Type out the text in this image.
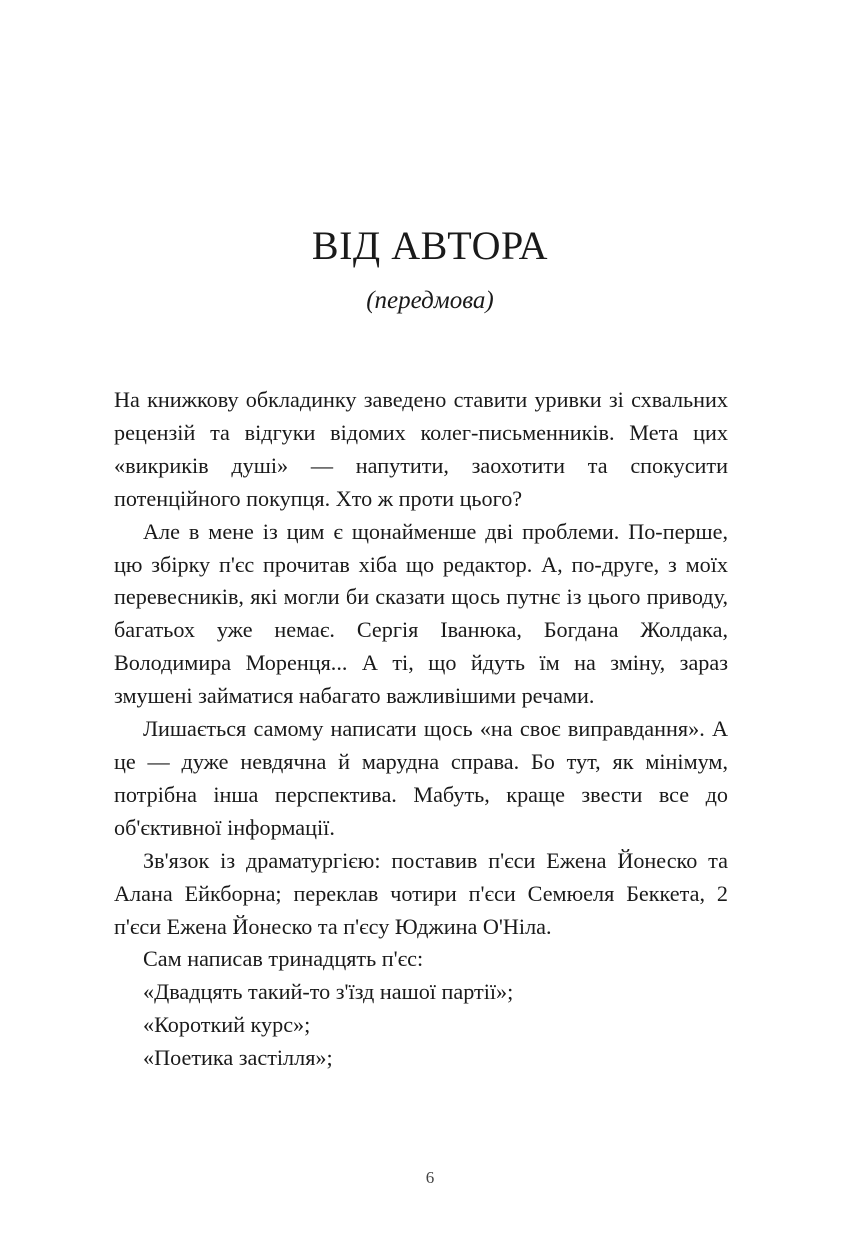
ВІД АВТОРА
(передмова)

На книжкову обкладинку заведено ставити уривки зі схвальних рецензій та відгуки відомих колег-письменників. Мета цих «викриків душі» — напутити, заохотити та спокусити потенційного покупця. Хто ж проти цього?

Але в мене із цим є щонайменше дві проблеми. По-перше, цю збірку п'єс прочитав хіба що редактор. А, по-друге, з моїх перевесників, які могли би сказати щось путнє із цього приводу, багатьох уже немає. Сергія Іванюка, Богдана Жолдака, Володимира Моренця... А ті, що йдуть їм на зміну, зараз змушені займатися набагато важливішими речами.

Лишається самому написати щось «на своє виправдання». А це — дуже невдячна й марудна справа. Бо тут, як мінімум, потрібна інша перспектива. Мабуть, краще звести все до об'єктивної інформації.

Зв'язок із драматургією: поставив п'єси Ежена Йонеско та Алана Ейкборна; переклав чотири п'єси Семюеля Беккета, 2 п'єси Ежена Йонеско та п'єсу Юджина О'Ніла.

Сам написав тринадцять п'єс:

«Двадцять такий-то з'їзд нашої партії»;

«Короткий курс»;

«Поетика застілля»;

6
